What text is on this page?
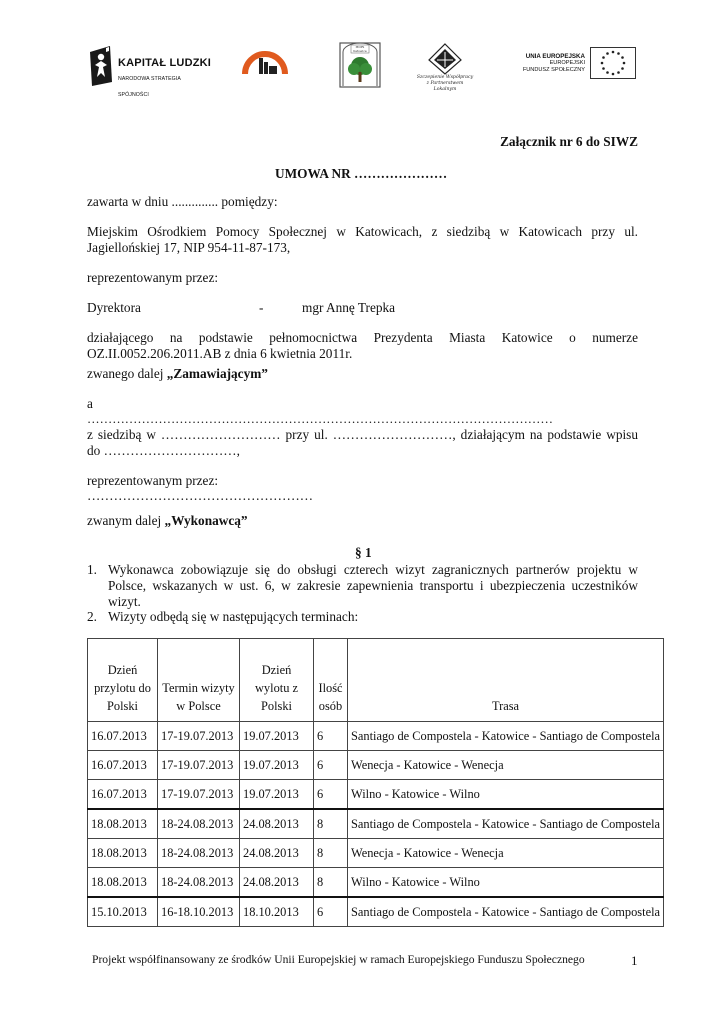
KAPITAŁ LUDZKI
NARODOWA STRATEGIA SPÓJNOŚCI
MOPS Katowice
Szczepienie Współpracy
z Partnerstwem Lokalnym
UNIA EUROPEJSKA
EUROPEJSKI
FUNDUSZ SPOŁECZNY
Załącznik nr 6 do SIWZ
UMOWA NR …………………
zawarta w dniu .............. pomiędzy:
Miejskim Ośrodkiem Pomocy Społecznej w Katowicach, z siedzibą w Katowicach przy ul.
Jagiellońskiej 17, NIP 954-11-87-173,
reprezentowanym przez:
Dyrektora	-	mgr Annę Trepka
działającego na podstawie pełnomocnictwa Prezydenta Miasta Katowice o numerze
OZ.II.0052.206.2011.AB z dnia 6 kwietnia 2011r.
zwanego dalej „Zamawiającym”
a
…………………………………………………………………………………………………
z siedzibą w ……………………… przy ul. ………………………, działającym na podstawie wpisu
do …………………………,
reprezentowanym przez:
……………………………………………
zwanym dalej „Wykonawcą”
§ 1
1. Wykonawca zobowiązuje się do obsługi czterech wizyt zagranicznych partnerów projektu w
Polsce, wskazanych w ust. 6, w zakresie zapewnienia transportu i ubezpieczenia uczestników
wizyt.
2. Wizyty odbędą się w następujących terminach:
Dzień przylotu do Polski	Termin wizyty w Polsce	Dzień wylotu z Polski	Ilość osób	Trasa
16.07.2013	17-19.07.2013	19.07.2013	6	Santiago de Compostela - Katowice - Santiago de Compostela
16.07.2013	17-19.07.2013	19.07.2013	6	Wenecja - Katowice - Wenecja
16.07.2013	17-19.07.2013	19.07.2013	6	Wilno - Katowice - Wilno
18.08.2013	18-24.08.2013	24.08.2013	8	Santiago de Compostela - Katowice - Santiago de Compostela
18.08.2013	18-24.08.2013	24.08.2013	8	Wenecja - Katowice - Wenecja
18.08.2013	18-24.08.2013	24.08.2013	8	Wilno - Katowice - Wilno
15.10.2013	16-18.10.2013	18.10.2013	6	Santiago de Compostela - Katowice - Santiago de Compostela
Projekt współfinansowany ze środków Unii Europejskiej w ramach Europejskiego Funduszu Społecznego	1
